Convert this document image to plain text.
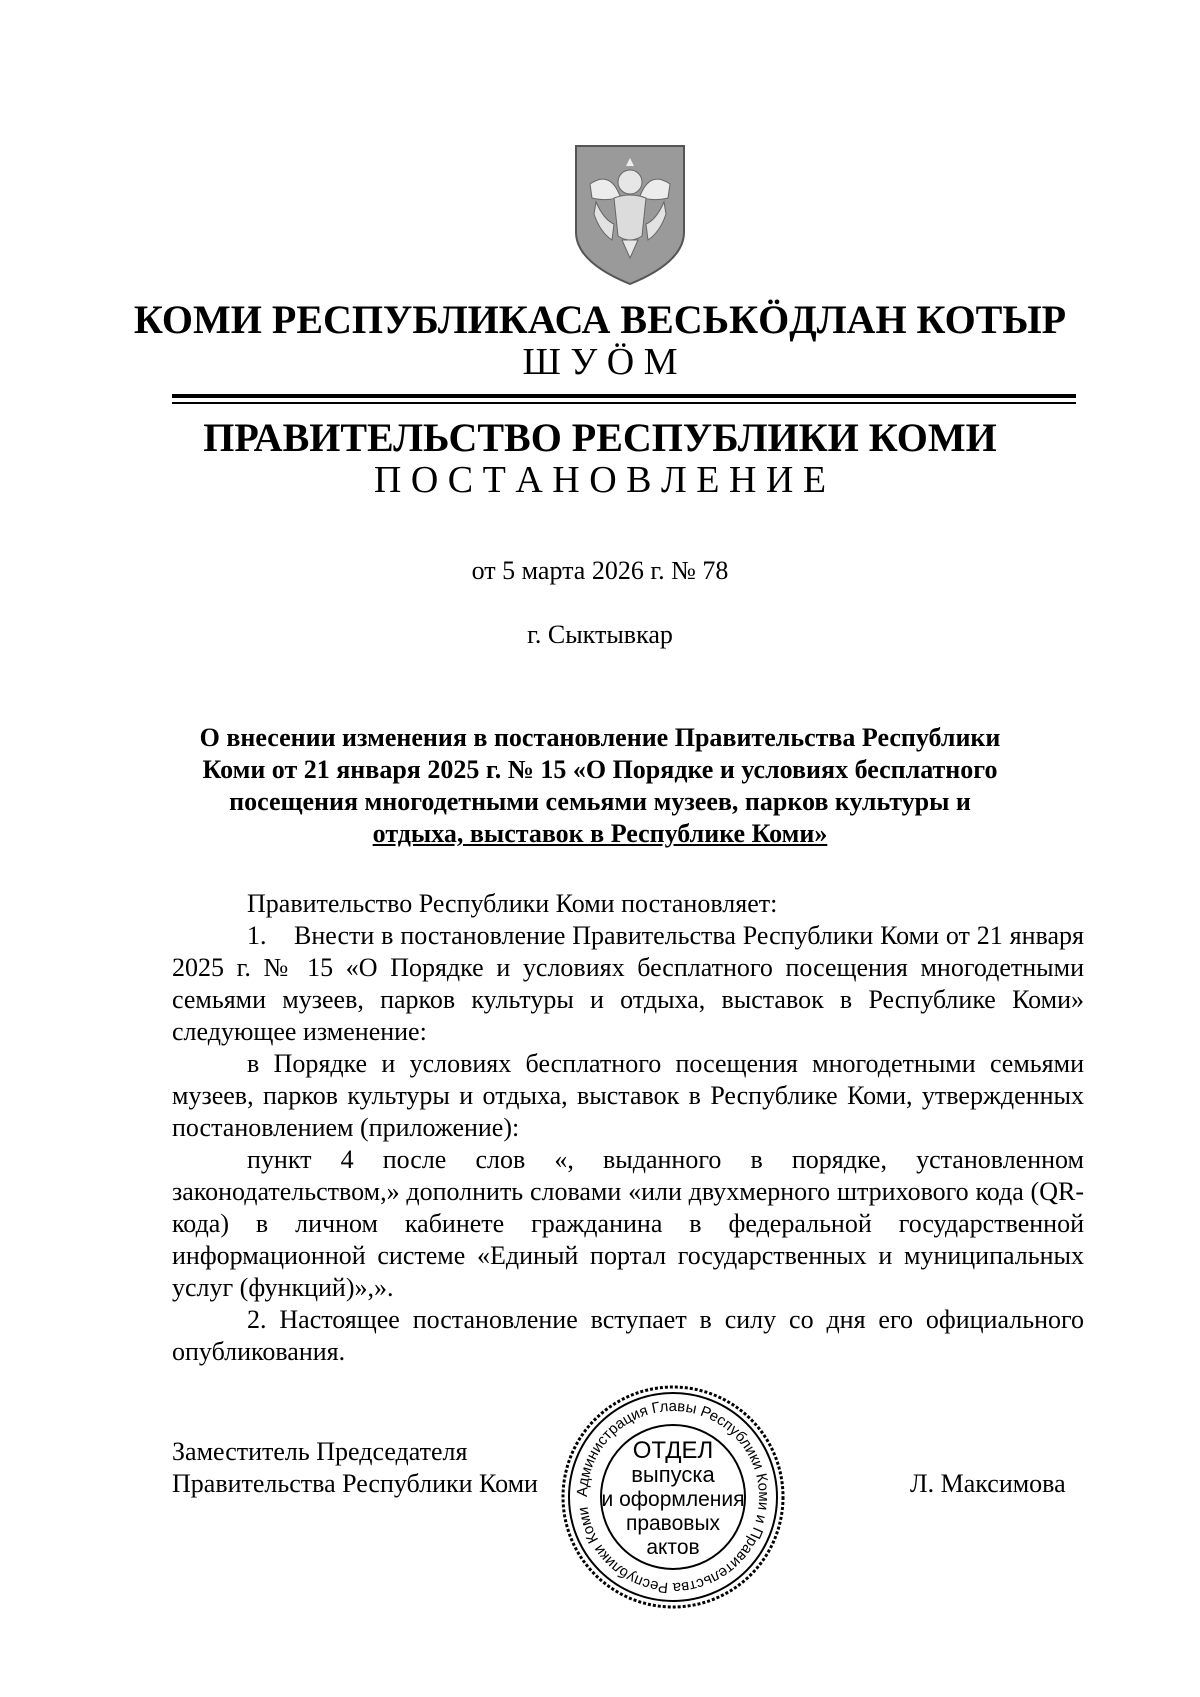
КОМИ РЕСПУБЛИКАСА ВЕСЬКӦДЛАН КОТЫР
Ш У Ӧ М
ПРАВИТЕЛЬСТВО РЕСПУБЛИКИ КОМИ
П О С Т А Н О В Л Е Н И Е
от 5 марта 2026 г. № 78
г. Сыктывкар
О внесении изменения в постановление Правительства Республики
Коми от 21 января 2025 г. № 15 «О Порядке и условиях бесплатного
посещения многодетными семьями музеев, парков культуры и
отдыха, выставок в Республике Коми»

Правительство Республики Коми постановляет:

1.    Внести в постановление Правительства Республики Коми от 21 января 2025 г. № 15 «О Порядке и условиях бесплатного посещения многодетными семьями музеев, парков культуры и отдыха, выставок в Республике Коми» следующее изменение:

в Порядке и условиях бесплатного посещения многодетными семьями музеев, парков культуры и отдыха, выставок в Республике Коми, утвержденных постановлением (приложение):

пункт 4 после слов «, выданного в порядке, установленном законодательством,» дополнить словами «или двухмерного штрихового кода (QR-кода) в личном кабинете гражданина в федеральной государственной информационной системе «Единый портал государственных и муниципальных услуг (функций)»,».

2. Настоящее постановление вступает в силу со дня его официального опубликования.

Заместитель Председателя
Правительства Республики Коми	Л. Максимова
Администрация Главы Республики Коми и Правительства Республики Коми
ОТДЕЛ
выпуска
и оформления
правовых
актов
